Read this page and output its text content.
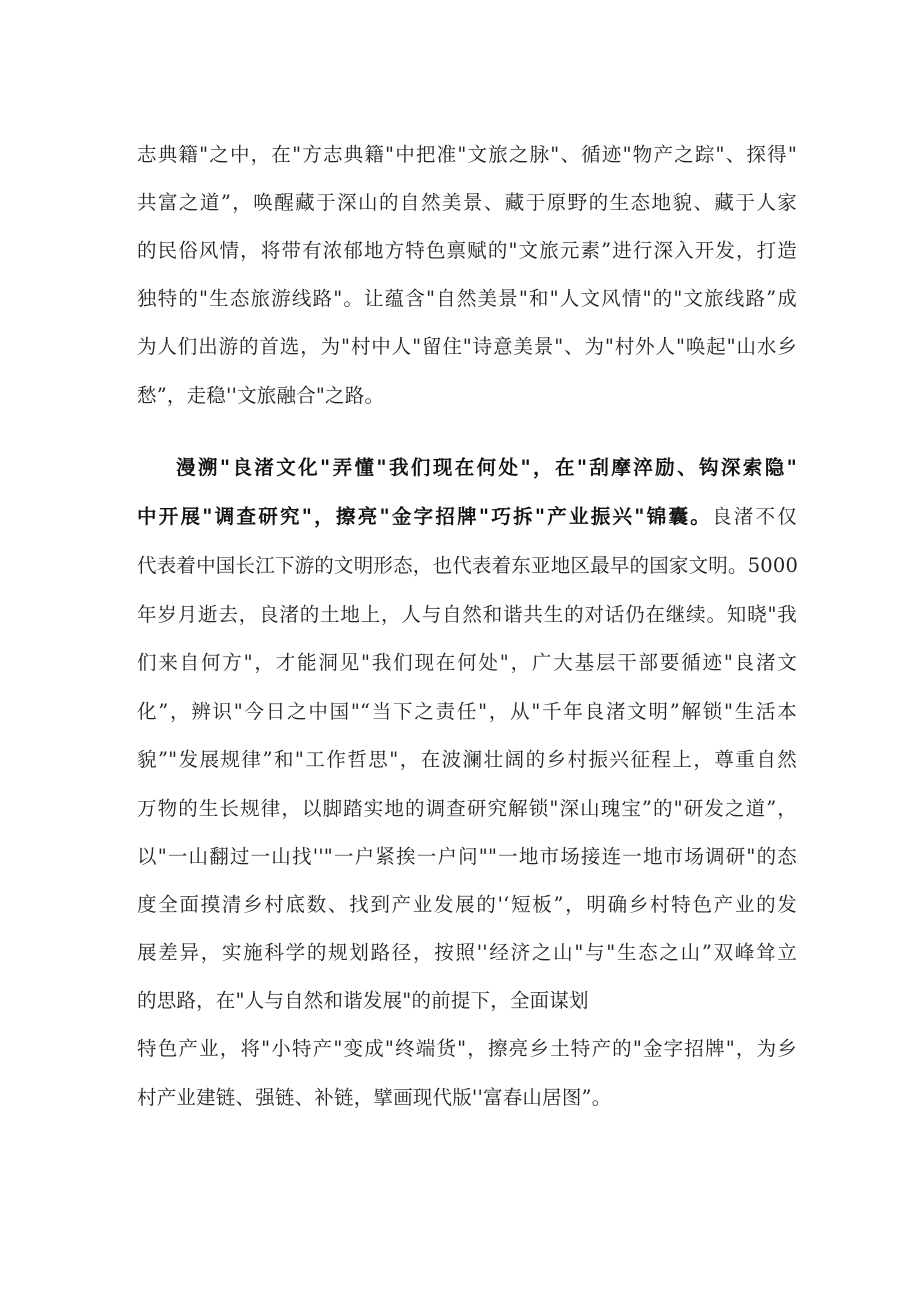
志典籍"之中，在"方志典籍"中把准"文旅之脉"、循迹"物产之踪"、探得"
共富之道”，唤醒藏于深山的自然美景、藏于原野的生态地貌、藏于人家
的民俗风情，将带有浓郁地方特色禀赋的"文旅元素”进行深入开发，打造
独特的"生态旅游线路"。让蕴含"自然美景"和"人文风情"的"文旅线路”成
为人们出游的首选，为"村中人"留住"诗意美景"、为"村外人"唤起"山水乡
愁”，走稳''文旅融合"之路。
漫溯"良渚文化"弄懂"我们现在何处"，在"刮摩淬励、钩深索隐"
中开展"调查研究"，擦亮"金字招牌"巧拆"产业振兴"锦囊。良渚不仅
代表着中国长江下游的文明形态，也代表着东亚地区最早的国家文明。5000
年岁月逝去，良渚的土地上，人与自然和谐共生的对话仍在继续。知晓"我
们来自何方"，才能洞见"我们现在何处"，广大基层干部要循迹"良渚文
化”，辨识"今日之中国"“当下之责任"，从"千年良渚文明”解锁"生活本
貌”"发展规律”和"工作哲思"，在波澜壮阔的乡村振兴征程上，尊重自然
万物的生长规律，以脚踏实地的调查研究解锁"深山瑰宝”的"研发之道”，
以"一山翻过一山找''"一户紧挨一户问""一地市场接连一地市场调研"的态
度全面摸清乡村底数、找到产业发展的'‘短板”，明确乡村特色产业的发
展差异，实施科学的规划路径，按照''经济之山"与"生态之山”双峰耸立
的思路，在"人与自然和谐发展"的前提下，全面谋划
特色产业，将"小特产"变成"终端货"，擦亮乡土特产的"金字招牌"，为乡
村产业建链、强链、补链，擘画现代版''富春山居图”。
